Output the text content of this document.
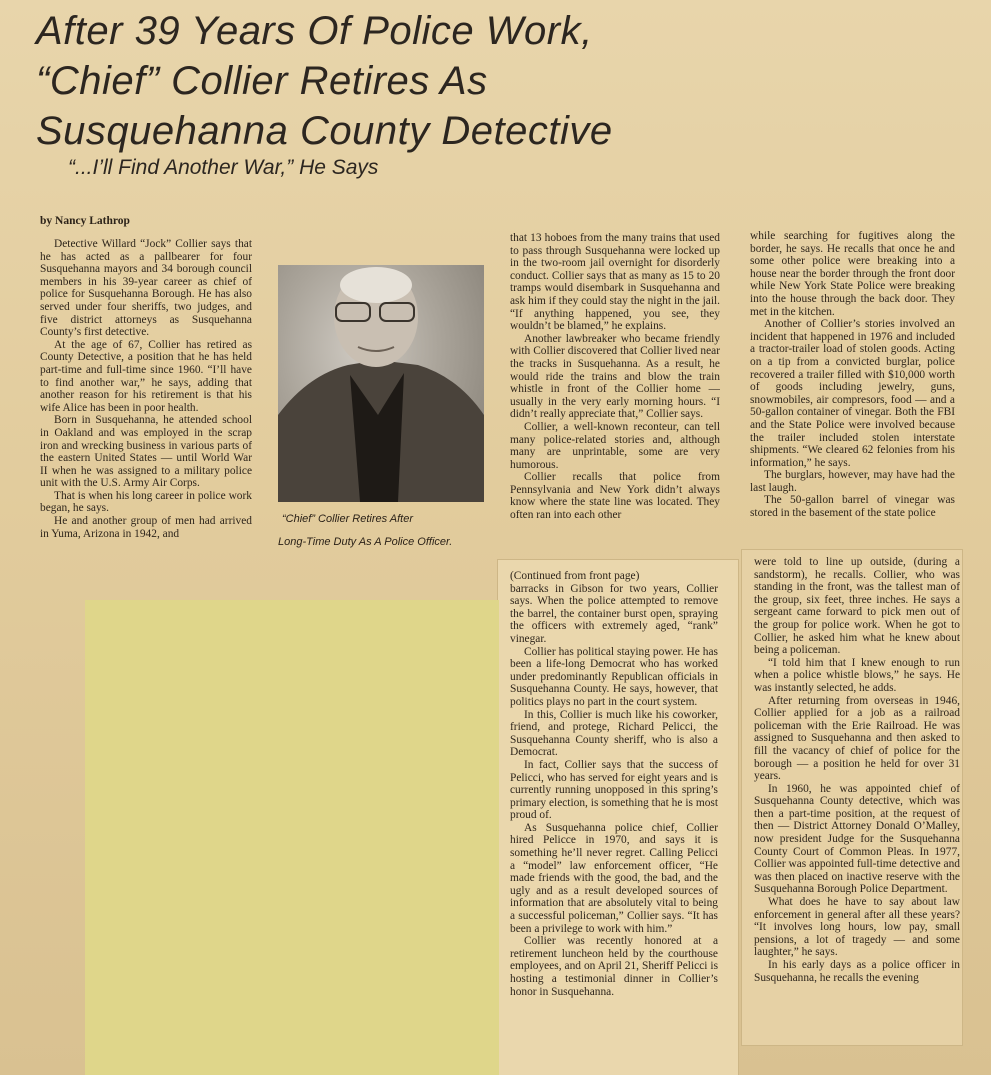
After 39 Years Of Police Work,
“Chief” Collier Retires As
Susquehanna County Detective
“...I’ll Find Another War,” He Says
by Nancy Lathrop

Detective Willard “Jock” Collier says that he has acted as a pallbearer for four Susquehanna mayors and 34 borough council members in his 39-year career as chief of police for Susquehanna Borough. He has also served under four sheriffs, two judges, and five district attorneys as Susquehanna County’s first detective.

At the age of 67, Collier has retired as County Detective, a position that he has held part-time and full-time since 1960. “I’ll have to find another war,” he says, adding that another reason for his retirement is that his wife Alice has been in poor health.

Born in Susquehanna, he attended school in Oakland and was employed in the scrap iron and wrecking business in various parts of the eastern United States — until World War II when he was assigned to a military police unit with the U.S. Army Air Corps.

That is when his long career in police work began, he says.

He and another group of men had arrived in Yuma, Arizona in 1942, and

“Chief” Collier Retires After
Long-Time Duty As A Police Officer.

that 13 hoboes from the many trains that used to pass through Susquehanna were locked up in the two-room jail overnight for disorderly conduct. Collier says that as many as 15 to 20 tramps would disembark in Susquehanna and ask him if they could stay the night in the jail. “If anything happened, you see, they wouldn’t be blamed,” he explains.

Another lawbreaker who became friendly with Collier discovered that Collier lived near the tracks in Susquehanna. As a result, he would ride the trains and blow the train whistle in front of the Collier home — usually in the very early morning hours. “I didn’t really appreciate that,” Collier says.

Collier, a well-known reconteur, can tell many police-related stories and, although many are unprintable, some are very humorous.

Collier recalls that police from Pennsylvania and New York didn’t always know where the state line was located. They often ran into each other

while searching for fugitives along the border, he says. He recalls that once he and some other police were breaking into a house near the border through the front door while New York State Police were breaking into the house through the back door. They met in the kitchen.

Another of Collier’s stories involved an incident that happened in 1976 and included a tractor-trailer load of stolen goods. Acting on a tip from a convicted burglar, police recovered a trailer filled with $10,000 worth of goods including jewelry, guns, snowmobiles, air compresors, food — and a 50-gallon container of vinegar. Both the FBI and the State Police were involved because the trailer included stolen interstate shipments. “We cleared 62 felonies from his information,” he says.

The burglars, however, may have had the last laugh.

The 50-gallon barrel of vinegar was stored in the basement of the state police

(Continued from front page)

barracks in Gibson for two years, Collier says. When the police attempted to remove the barrel, the container burst open, spraying the officers with extremely aged, “rank” vinegar.

Collier has political staying power. He has been a life-long Democrat who has worked under predominantly Republican officials in Susquehanna County. He says, however, that politics plays no part in the court system.

In this, Collier is much like his coworker, friend, and protege, Richard Pelicci, the Susquehanna County sheriff, who is also a Democrat.

In fact, Collier says that the success of Pelicci, who has served for eight years and is currently running unopposed in this spring’s primary election, is something that he is most proud of.

As Susquehanna police chief, Collier hired Pelicce in 1970, and says it is something he’ll never regret. Calling Pelicci a “model” law enforcement officer, “He made friends with the good, the bad, and the ugly and as a result developed sources of information that are absolutely vital to being a successful policeman,” Collier says. “It has been a privilege to work with him.”

Collier was recently honored at a retirement luncheon held by the courthouse employees, and on April 21, Sheriff Pelicci is hosting a testimonial dinner in Collier’s honor in Susquehanna.

were told to line up outside, (during a sandstorm), he recalls. Collier, who was standing in the front, was the tallest man of the group, six feet, three inches. He says a sergeant came forward to pick men out of the group for police work. When he got to Collier, he asked him what he knew about being a policeman.

“I told him that I knew enough to run when a police whistle blows,” he says. He was instantly selected, he adds.

After returning from overseas in 1946, Collier applied for a job as a railroad policeman with the Erie Railroad. He was assigned to Susquehanna and then asked to fill the vacancy of chief of police for the borough — a position he held for over 31 years.

In 1960, he was appointed chief of Susquehanna County detective, which was then a part-time position, at the request of then — District Attorney Donald O’Malley, now president Judge for the Susquehanna County Court of Common Pleas. In 1977, Collier was appointed full-time detective and was then placed on inactive reserve with the Susquehanna Borough Police Department.

What does he have to say about law enforcement in general after all these years? “It involves long hours, low pay, small pensions, a lot of tragedy — and some laughter,” he says.

In his early days as a police officer in Susquehanna, he recalls the evening
